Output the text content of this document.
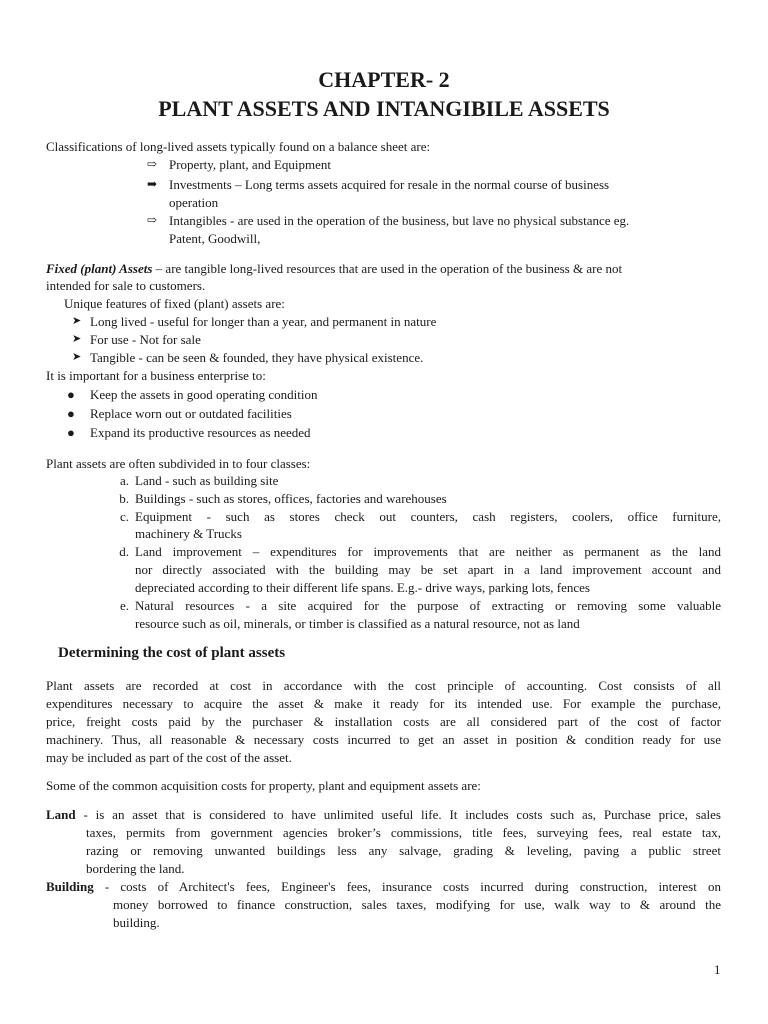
CHAPTER- 2
PLANT ASSETS AND INTANGIBILE ASSETS
Classifications of long-lived assets typically found on a balance sheet are:
⇨ Property, plant, and Equipment
➡ Investments – Long terms assets acquired for resale in the normal course of business
operation
⇨ Intangibles - are used in the operation of the business, but lave no physical substance eg.
Patent, Goodwill,
Fixed (plant) Assets – are tangible long-lived resources that are used in the operation of the business & are not
intended for sale to customers.
Unique features of fixed (plant) assets are:
➤ Long lived - useful for longer than a year, and permanent in nature
➤ For use - Not for sale
➤ Tangible - can be seen & founded, they have physical existence.
It is important for a business enterprise to:
● Keep the assets in good operating condition
● Replace worn out or outdated facilities
● Expand its productive resources as needed
Plant assets are often subdivided in to four classes:
a. Land - such as building site
b. Buildings - such as stores, offices, factories and warehouses
c. Equipment - such as stores check out counters, cash registers, coolers, office furniture,
machinery & Trucks
d. Land improvement – expenditures for improvements that are neither as permanent as the land
nor directly associated with the building may be set apart in a land improvement account and
depreciated according to their different life spans. E.g.- drive ways, parking lots, fences
e. Natural resources - a site acquired for the purpose of extracting or removing some valuable
resource such as oil, minerals, or timber is classified as a natural resource, not as land
Determining the cost of plant assets
Plant assets are recorded at cost in accordance with the cost principle of accounting. Cost consists of all
expenditures necessary to acquire the asset & make it ready for its intended use. For example the purchase,
price, freight costs paid by the purchaser & installation costs are all considered part of the cost of factor
machinery. Thus, all reasonable & necessary costs incurred to get an asset in position & condition ready for use
may be included as part of the cost of the asset.
Some of the common acquisition costs for property, plant and equipment assets are:
Land - is an asset that is considered to have unlimited useful life. It includes costs such as, Purchase price, sales
taxes, permits from government agencies broker’s commissions, title fees, surveying fees, real estate tax,
razing or removing unwanted buildings less any salvage, grading & leveling, paving a public street
bordering the land.
Building - costs of Architect's fees, Engineer's fees, insurance costs incurred during construction, interest on
money borrowed to finance construction, sales taxes, modifying for use, walk way to & around the
building.
1
